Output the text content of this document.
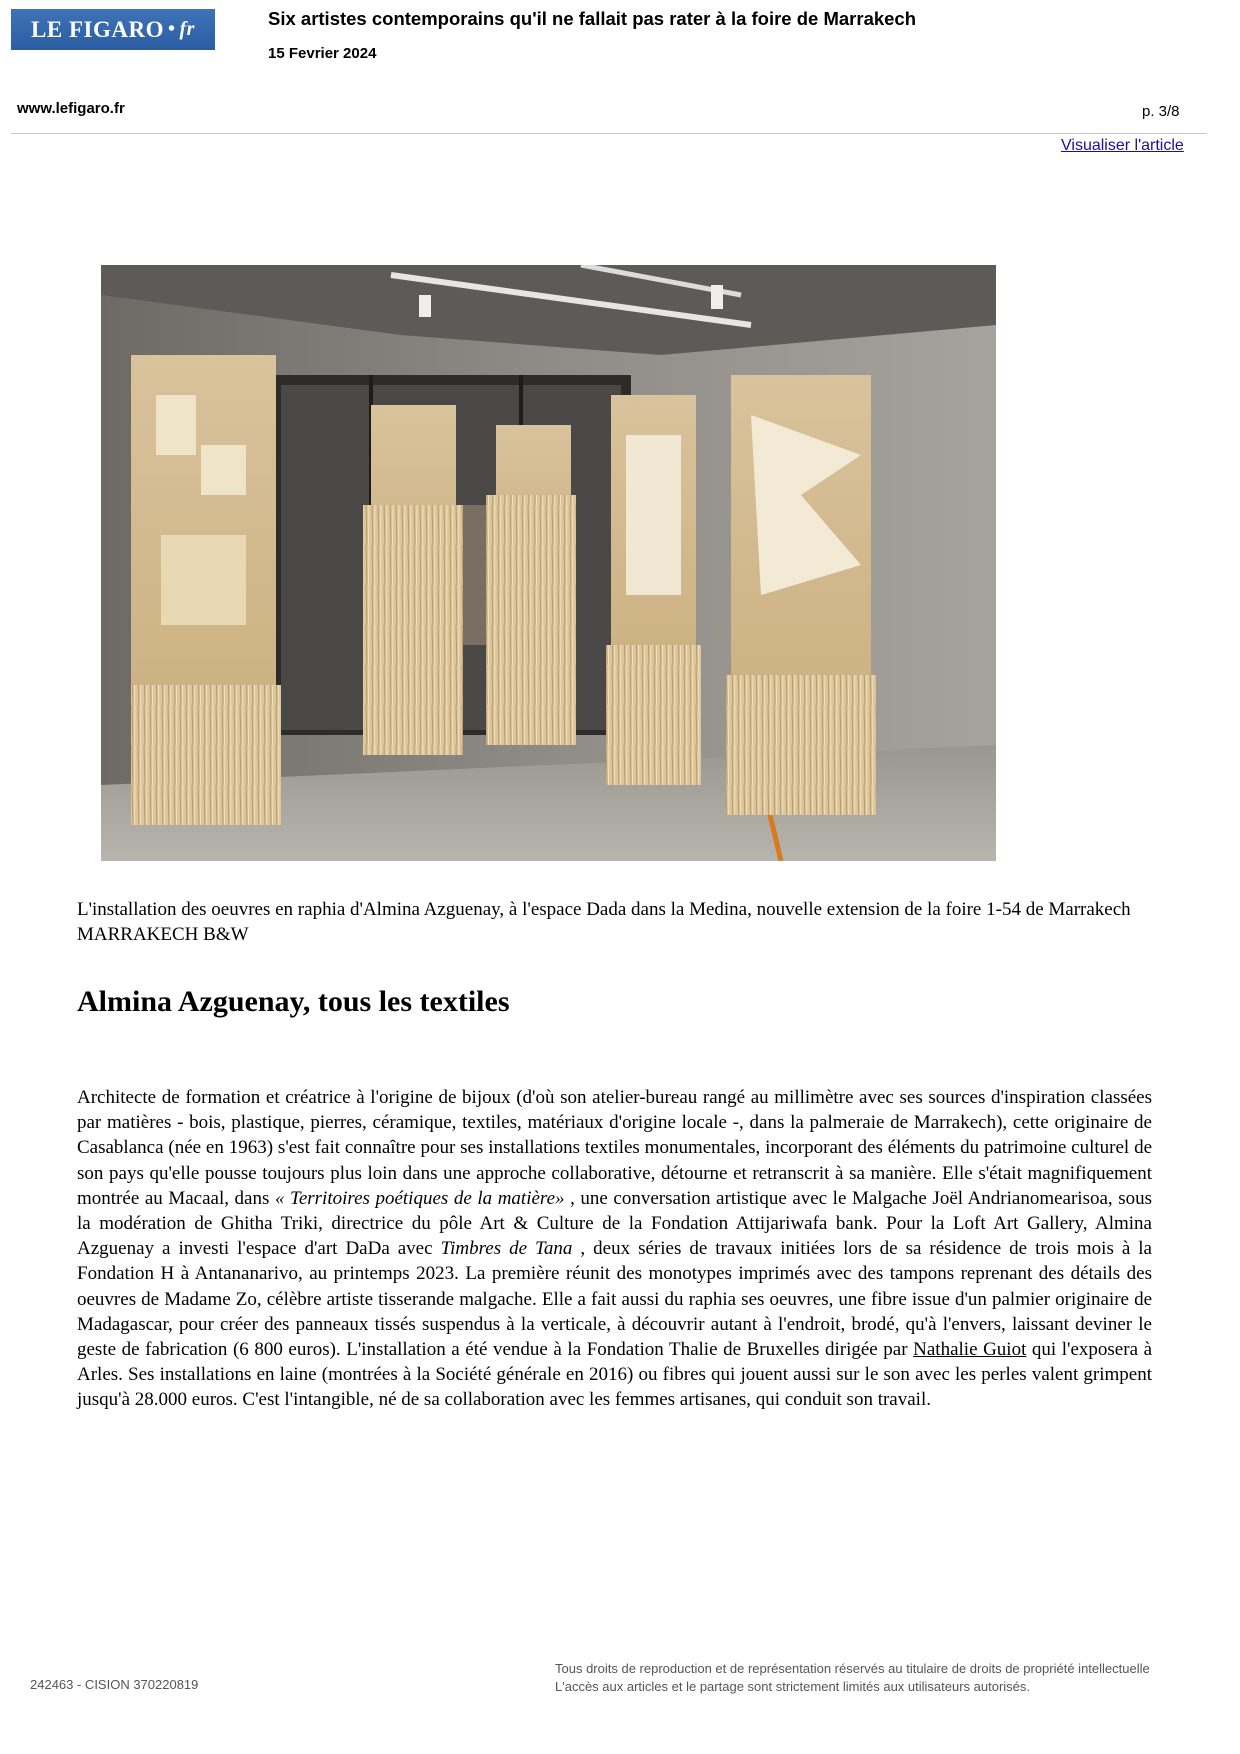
LE FIGARO • fr	Six artistes contemporains qu'il ne fallait pas rater à la foire de Marrakech
15 Fevrier 2024
www.lefigaro.fr	p. 3/8
Visualiser l'article
L'installation des oeuvres en raphia d'Almina Azguenay, à l'espace Dada dans la Medina, nouvelle extension de la foire 1-54 de Marrakech MARRAKECH B&W
Almina Azguenay, tous les textiles
Architecte de formation et créatrice à l'origine de bijoux (d'où son atelier-bureau rangé au millimètre avec ses sources d'inspiration classées par matières - bois, plastique, pierres, céramique, textiles, matériaux d'origine locale -, dans la palmeraie de Marrakech), cette originaire de Casablanca (née en 1963) s'est fait connaître pour ses installations textiles monumentales, incorporant des éléments du patrimoine culturel de son pays qu'elle pousse toujours plus loin dans une approche collaborative, détourne et retranscrit à sa manière. Elle s'était magnifiquement montrée au Macaal, dans « Territoires poétiques de la matière» , une conversation artistique avec le Malgache Joël Andrianomearisoa, sous la modération de Ghitha Triki, directrice du pôle Art & Culture de la Fondation Attijariwafa bank. Pour la Loft Art Gallery, Almina Azguenay a investi l'espace d'art DaDa avec Timbres de Tana , deux séries de travaux initiées lors de sa résidence de trois mois à la Fondation H à Antananarivo, au printemps 2023. La première réunit des monotypes imprimés avec des tampons reprenant des détails des oeuvres de Madame Zo, célèbre artiste tisserande malgache. Elle a fait aussi du raphia ses oeuvres, une fibre issue d'un palmier originaire de Madagascar, pour créer des panneaux tissés suspendus à la verticale, à découvrir autant à l'endroit, brodé, qu'à l'envers, laissant deviner le geste de fabrication (6 800 euros). L'installation a été vendue à la Fondation Thalie de Bruxelles dirigée par Nathalie Guiot qui l'exposera à Arles. Ses installations en laine (montrées à la Société générale en 2016) ou fibres qui jouent aussi sur le son avec les perles valent grimpent jusqu'à 28.000 euros. C'est l'intangible, né de sa collaboration avec les femmes artisanes, qui conduit son travail.
242463 - CISION 370220819
Tous droits de reproduction et de représentation réservés au titulaire de droits de propriété intellectuelle
L'accès aux articles et le partage sont strictement limités aux utilisateurs autorisés.
